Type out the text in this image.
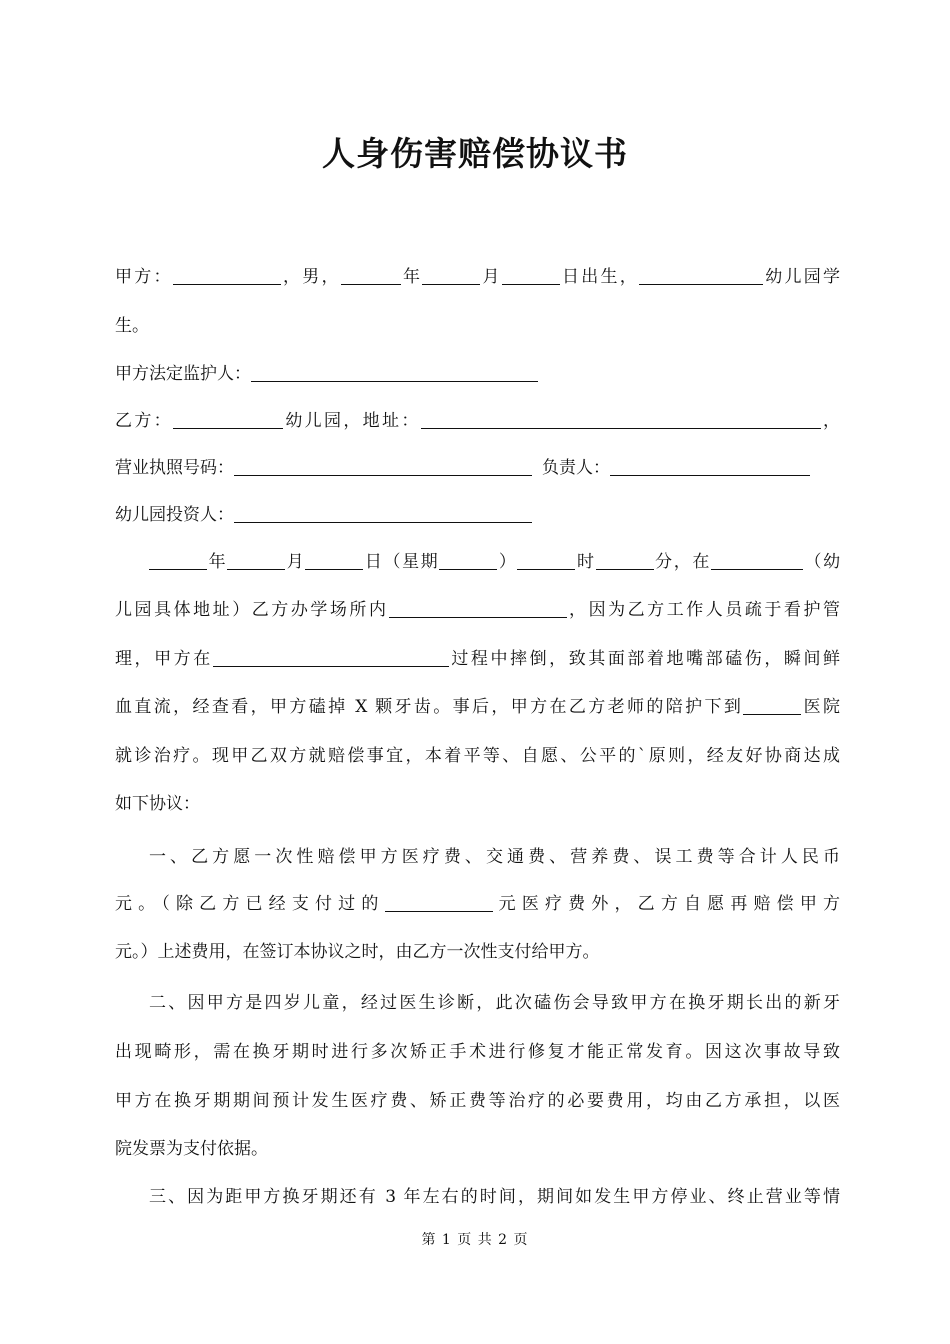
人身伤害赔偿协议书
甲方：	，男，	年	月	日出生，	幼儿园学
生。
甲方法定监护人：
乙方：	幼儿园，地址：	，
营业执照号码：	负责人：
幼儿园投资人：
年	月	日（星期	）	时	分，在	（幼
儿园具体地址）乙方办学场所内	，因为乙方工作人员疏于看护管
理，甲方在	过程中摔倒，致其面部着地嘴部磕伤，瞬间鲜
血直流，经查看，甲方磕掉 X 颗牙齿。事后，甲方在乙方老师的陪护下到	医院
就诊治疗。现甲乙双方就赔偿事宜，本着平等、自愿、公平的`原则，经友好协商达成
如下协议：
一、乙方愿一次性赔偿甲方医疗费、交通费、营养费、误工费等合计人民币
元。（除乙方已经支付过的	元医疗费外，乙方自愿再赔偿甲方
元。）上述费用，在签订本协议之时，由乙方一次性支付给甲方。
二、因甲方是四岁儿童，经过医生诊断，此次磕伤会导致甲方在换牙期长出的新牙
出现畸形，需在换牙期时进行多次矫正手术进行修复才能正常发育。因这次事故导致
甲方在换牙期期间预计发生医疗费、矫正费等治疗的必要费用，均由乙方承担，以医
院发票为支付依据。
三、因为距甲方换牙期还有 3 年左右的时间，期间如发生甲方停业、终止营业等情
第 1 页 共 2 页
